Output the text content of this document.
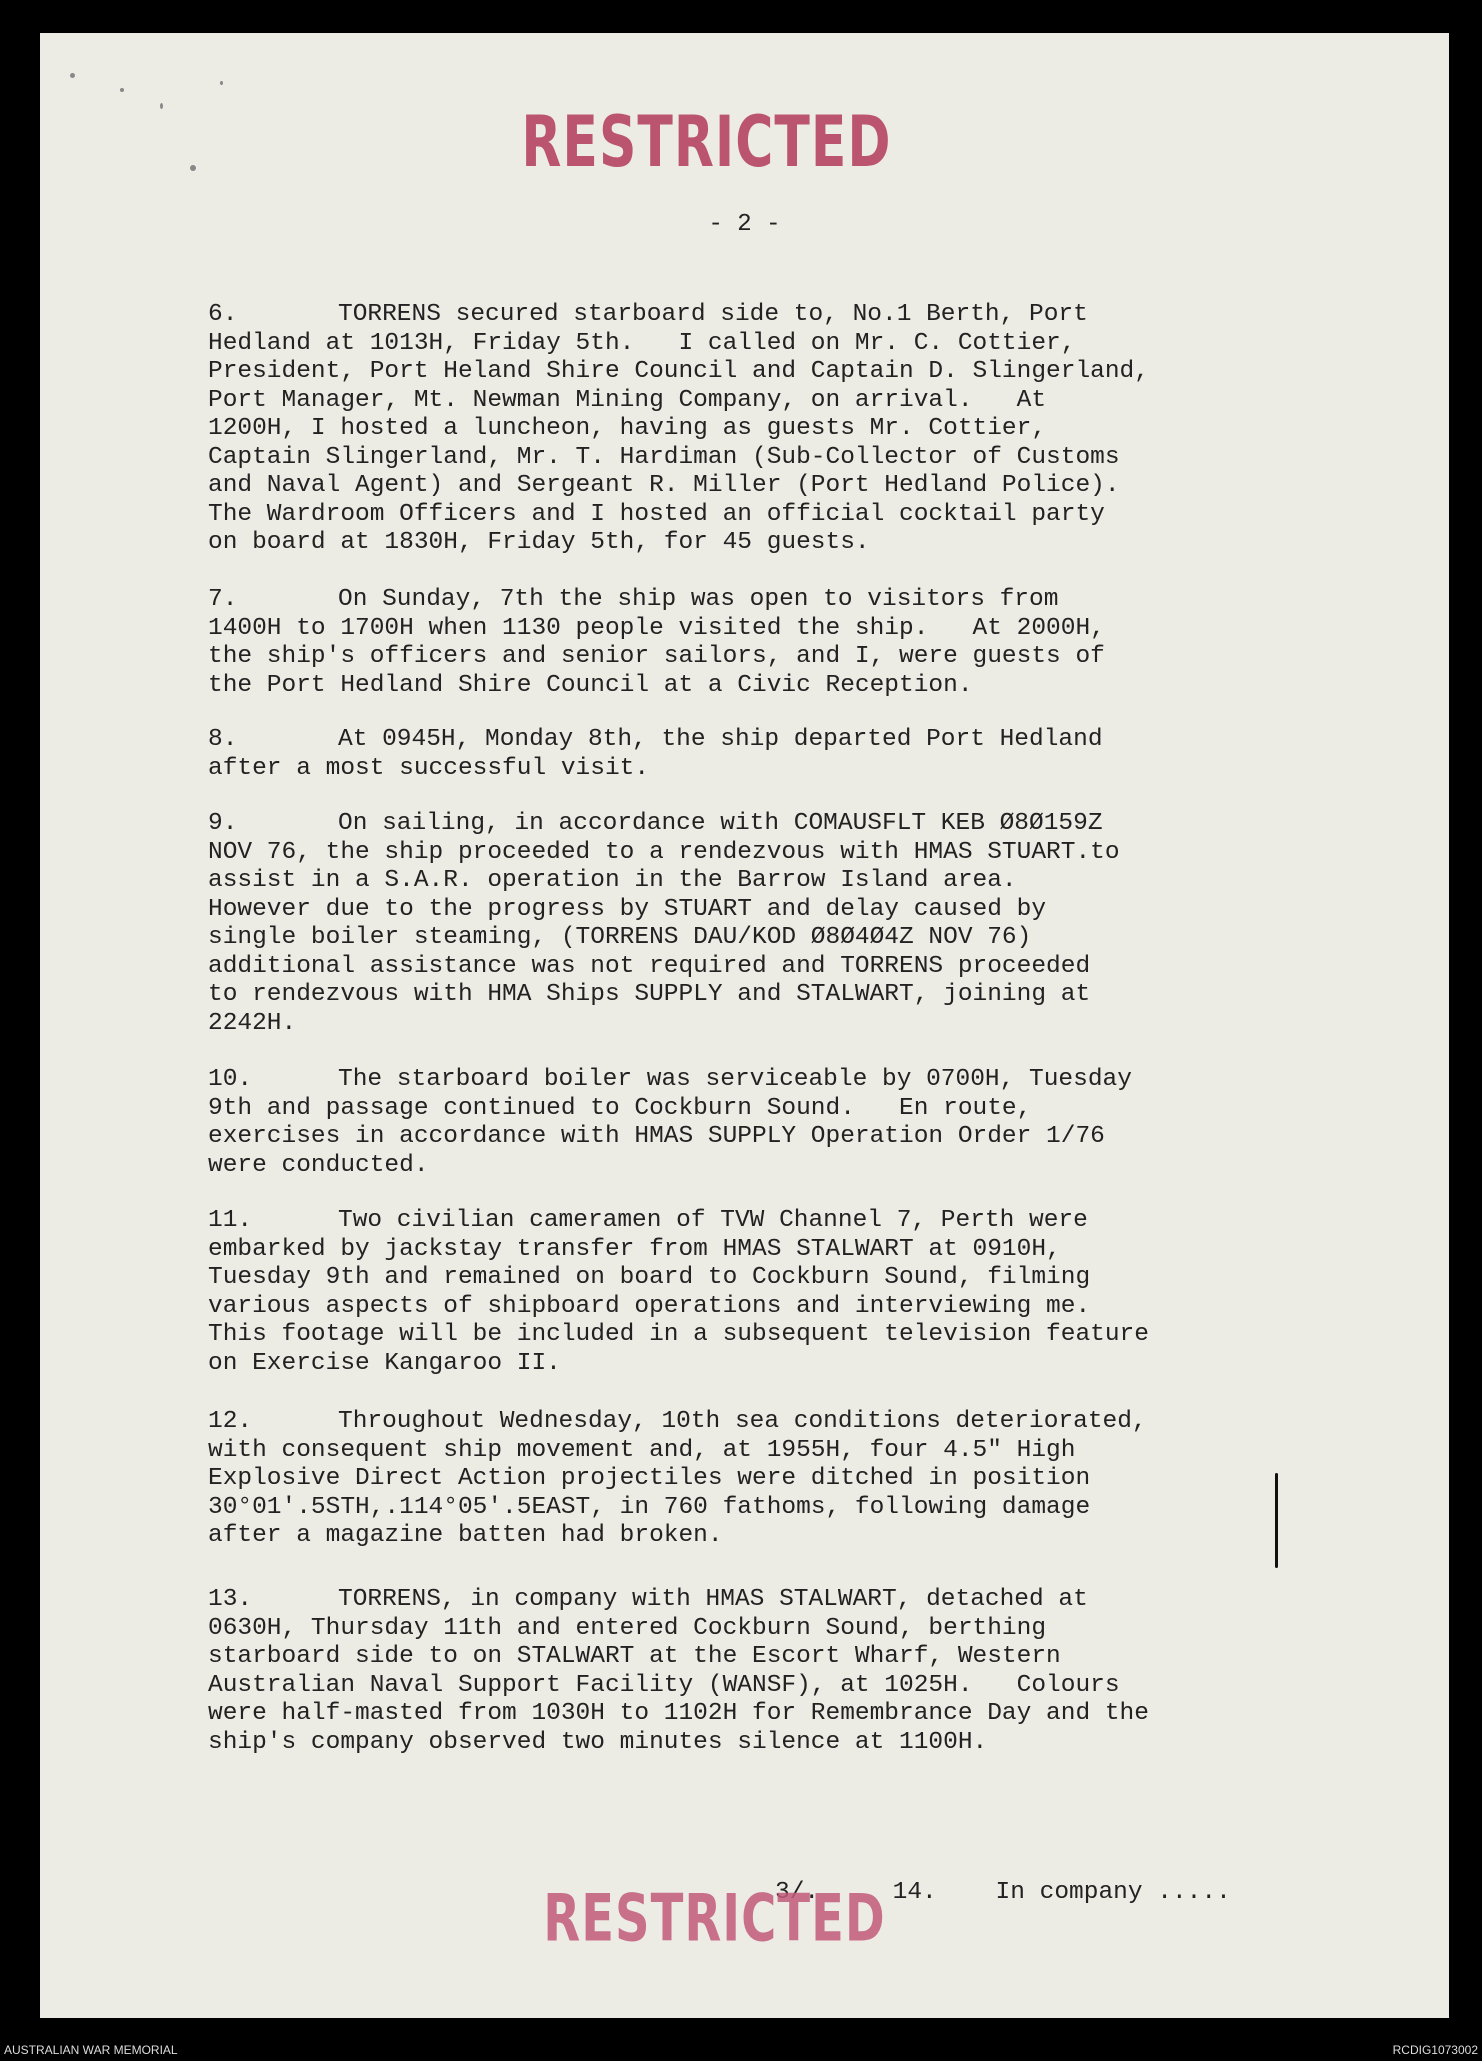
RESTRICTED
- 2 -
6.	TORRENS secured starboard side to, No.1 Berth, Port
Hedland at 1013H, Friday 5th.   I called on Mr. C. Cottier,
President, Port Heland Shire Council and Captain D. Slingerland,
Port Manager, Mt. Newman Mining Company, on arrival.   At
1200H, I hosted a luncheon, having as guests Mr. Cottier,
Captain Slingerland, Mr. T. Hardiman (Sub-Collector of Customs
and Naval Agent) and Sergeant R. Miller (Port Hedland Police).
The Wardroom Officers and I hosted an official cocktail party
on board at 1830H, Friday 5th, for 45 guests.
7.	On Sunday, 7th the ship was open to visitors from
1400H to 1700H when 1130 people visited the ship.   At 2000H,
the ship's officers and senior sailors, and I, were guests of
the Port Hedland Shire Council at a Civic Reception.
8.	At 0945H, Monday 8th, the ship departed Port Hedland
after a most successful visit.
9.	On sailing, in accordance with COMAUSFLT KEB Ø8Ø159Z
NOV 76, the ship proceeded to a rendezvous with HMAS STUART.to
assist in a S.A.R. operation in the Barrow Island area.
However due to the progress by STUART and delay caused by
single boiler steaming, (TORRENS DAU/KOD Ø8Ø4Ø4Z NOV 76)
additional assistance was not required and TORRENS proceeded
to rendezvous with HMA Ships SUPPLY and STALWART, joining at
2242H.
10.	The starboard boiler was serviceable by 0700H, Tuesday
9th and passage continued to Cockburn Sound.   En route,
exercises in accordance with HMAS SUPPLY Operation Order 1/76
were conducted.
11.	Two civilian cameramen of TVW Channel 7, Perth were
embarked by jackstay transfer from HMAS STALWART at 0910H,
Tuesday 9th and remained on board to Cockburn Sound, filming
various aspects of shipboard operations and interviewing me.
This footage will be included in a subsequent television feature
on Exercise Kangaroo II.
12.	Throughout Wednesday, 10th sea conditions deteriorated,
with consequent ship movement and, at 1955H, four 4.5" High
Explosive Direct Action projectiles were ditched in position
30°01'.5STH,.114°05'.5EAST, in 760 fathoms, following damage
after a magazine batten had broken.
13.	TORRENS, in company with HMAS STALWART, detached at
0630H, Thursday 11th and entered Cockburn Sound, berthing
starboard side to on STALWART at the Escort Wharf, Western
Australian Naval Support Facility (WANSF), at 1025H.   Colours
were half-masted from 1030H to 1102H for Remembrance Day and the
ship's company observed two minutes silence at 1100H.
3/.     14.    In company .....
RESTRICTED
AUSTRALIAN WAR MEMORIAL	RCDIG1073002
